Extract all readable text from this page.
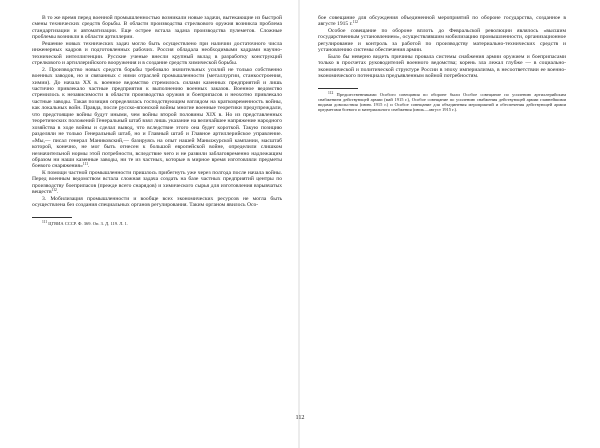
В то же время перед военной промышленностью возникали новые задачи, вытекающие из быстрой смены технических средств борьбы. В области производства стрелкового оружия возникла проблема стандартизации и автоматизации. Еще острее встала задача производства пулеметов. Сложные проблемы возникли в области артиллерии.

Решение новых технических задач могло быть осуществлено при наличии достаточного числа инженерных кадров и подготовленных рабочих. Россия обладала необходимыми кадрами научно-технической интеллигенции. Русские ученые внесли крупный вклад в разработку конструкций стрелкового и артиллерийского вооружения и в создание средств химической борьбы.

2. Производство новых средств борьбы требовало значительных усилий не только собственно военных заводов, но и связанных с ними отраслей промышленности (металлургии, станкостроения, химии). До начала XX в. военное ведомство стремилось силами казенных предприятий и лишь частично привлекало частные предприятия к выполнению военных заказов. Военное ведомство стремилось к независимости в области производства оружия и боеприпасов и неохотно привлекало частные заводы. Такая позиция определялась господствующим взглядом на кратковременность войны, как локальных войн. Правда, после русско-японской войны многие военные теоретики предупреждали, что предстоящие войны будут иными, чем войны второй половины XIX в. Но из представленных теоретических положений Генеральный штаб взял лишь указание на величайшее напряжение народного хозяйства в ходе войны и сделал вывод, что вследствие этого она будет короткой. Такую позицию разделяли не только Генеральный штаб, но и Главный штаб и Главное артиллерийское управление. «Мы,— писал генерал Маниковский,— базируясь на опыт нашей Маньчжурской кампании, масштаб которой, конечно, не мог быть отнесен к большой европейской войне, определили слишком незначительной нормы этой потребности, вследствие чего и не развили заблаговременно надлежащим образом ни наши казенные заводы, ни те из частных, которые в мирное время изготовляли предметы боевого снаряжения»$^{111}$.

К помощи частной промышленности пришлось прибегнуть уже через полгода после начала войны. Перед военным ведомством встала сложная задача создать на базе частных предприятий центры по производству боеприпасов (прежде всего снарядов) и химического сырья для изготовления взрывчатых веществ$^{112}$.

3. Мобилизация промышленности и вообще всех экономических ресурсов не могла быть осуществлена без создания специальных органов регулирования. Таким органом явилось Осо-

$^{111}$ ЦГВИА СССР. Ф. 369. Оп. 3. Д. 119. Л. 1.

бое совещание для обсуждения объединенной мероприятий по обороне государства, созданное в августе 1915 г.$^{112}$

Особое совещание по обороне вплоть до Февральской революции являлось «высшим государственным установлением», осуществлявшим мобилизацию промышленности, организационное регулирование и контроль за работой по производству материально-технических средств и установлению системы обеспечения армии.

Было бы неверно видеть причины провала системы снабжения армии оружием и боеприпасами только в просчетах руководителей военного ведомства; корень зла лежал глубже — в социально-экономической и политической структуре России в эпоху империализма, в несоответствии ее военно-экономического потенциала предъявленным войной потребностям.

$^{112}$ Предшественниками Особого совещания по обороне были Особое совещание по усилению артиллерийским снабжением действующей армии (май 1915 г.), Особое совещание по усилению снабжения действующей армии главнейшими видами довольствия (июнь 1915 г.) и Особое совещание для объединения мероприятий и обеспечения действующей армии предметами боевого и материального снабжения (июль—август 1915 г.).

112
